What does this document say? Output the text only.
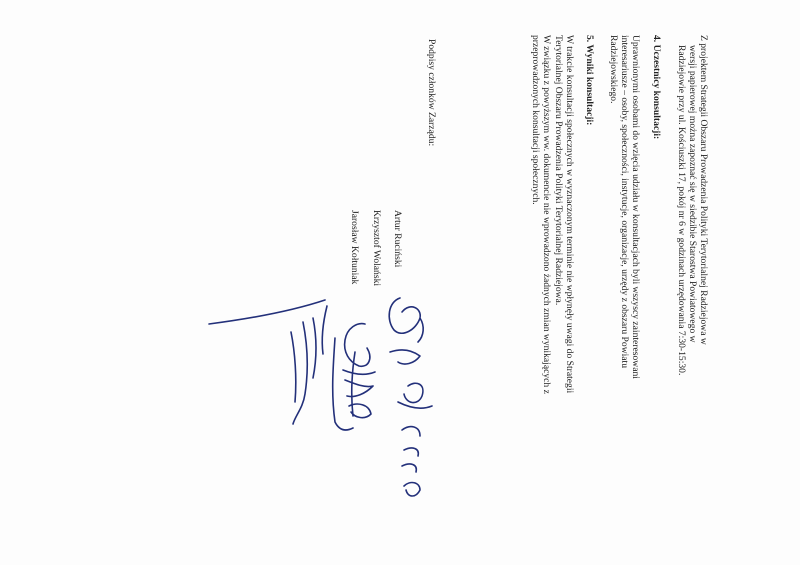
Z projektem Strategii Obszaru Prowadzenia Polityki Terytorialnej Radziejowa w
wersji papierowej można zapoznać się w siedzibie Starostwa Powiatowego w
Radziejowie przy ul. Kościuszki 17, pokój nr 6 w godzinach urzędowania 7:30-15:30.
4. Uczestnicy konsultacji:
Uprawnionymi osobami do wzięcia udziału w konsultacjach byli wszyscy zainteresowani
interesariusze – osoby, społeczności, instytucje, organizacje, urzędy z obszaru Powiatu
Radziejowskiego.
5. Wyniki konsultacji:
W trakcie konsultacji społecznych w wyznaczonym terminie nie wpłynęły uwagi do Strategii
Terytorialnej Obszaru Prowadzenia Polityki Terytorialnej Radziejowa.
W związku z powyższym ww. dokumencie nie wprowadzono żadnych zmian wynikających z
przeprowadzonych konsultacji społecznych.
Podpisy członków Zarządu:
Artur Ruciński
Krzysztof Wolański
Jarosław Kołtuniak
